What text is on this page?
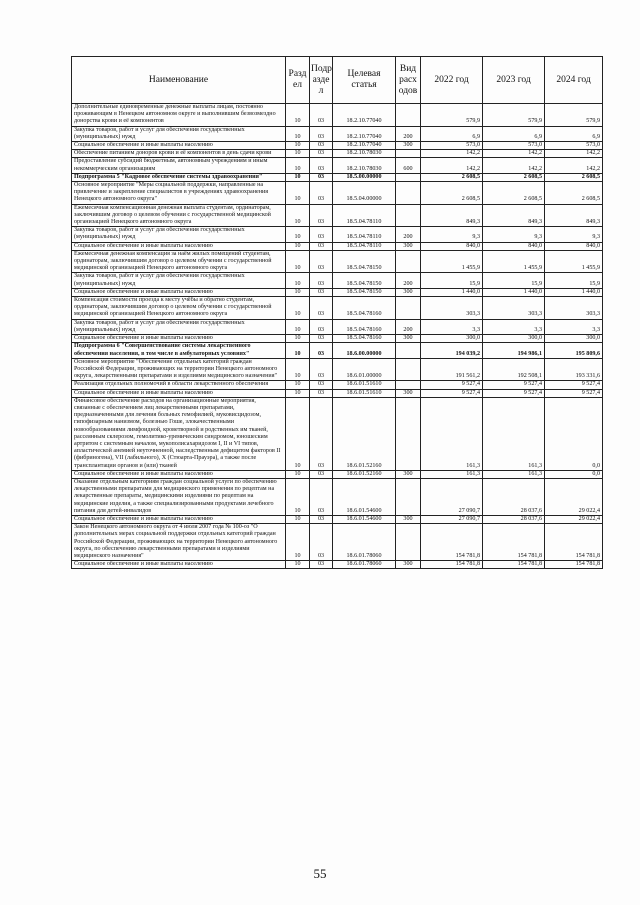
Наименование	Разд ел	Подр азде л	Целевая статья	Вид расх одов	2022 год	2023 год	2024 год
Дополнительные единовременные денежные выплаты лицам, постоянно проживающим в Ненецком автономном округе и выполнившим безвозмездно донорства крови и её компонентов	10	03	18.2.10.77040		579,9	579,9	579,9
Закупка товаров, работ и услуг для обеспечения государственных (муниципальных) нужд	10	03	18.2.10.77040	200	6,9	6,9	6,9
Социальное обеспечение и иные выплаты населению	10	03	18.2.10.77040	300	573,0	573,0	573,0
Обеспечение питанием доноров крови и её компонентов в день сдачи крови	10	03	18.2.10.78030		142,2	142,2	142,2
Предоставление субсидий бюджетным, автономным учреждениям и иным некоммерческим организациям	10	03	18.2.10.78030	600	142,2	142,2	142,2
Подпрограмма 5 "Кадровое обеспечение системы здравоохранения"	10	03	18.5.00.00000		2 608,5	2 608,5	2 608,5
Основное мероприятие "Меры социальной поддержки, направленные на привлечение и закрепление специалистов в учреждениях здравоохранения Ненецкого автономного округа"	10	03	18.5.04.00000		2 608,5	2 608,5	2 608,5
Ежемесячная компенсационная денежная выплата студентам, ординаторам, заключившим договор о целевом обучении с государственной медицинской организацией Ненецкого автономного округа	10	03	18.5.04.78110		849,3	849,3	849,3
Закупка товаров, работ и услуг для обеспечения государственных (муниципальных) нужд	10	03	18.5.04.78110	200	9,3	9,3	9,3
Социальное обеспечение и иные выплаты населению	10	03	18.5.04.78110	300	840,0	840,0	840,0
Ежемесячная денежная компенсация за наём жилых помещений студентам, ординаторам, заключившим договор о целевом обучении с государственной медицинской организацией Ненецкого автономного округа	10	03	18.5.04.78150		1 455,9	1 455,9	1 455,9
Закупка товаров, работ и услуг для обеспечения государственных (муниципальных) нужд	10	03	18.5.04.78150	200	15,9	15,9	15,9
Социальное обеспечение и иные выплаты населению	10	03	18.5.04.78150	300	1 440,0	1 440,0	1 440,0
Компенсация стоимости проезда к месту учёбы и обратно студентам, ординаторам, заключившим договор о целевом обучении с государственной медицинской организацией Ненецкого автономного округа	10	03	18.5.04.78160		303,3	303,3	303,3
Закупка товаров, работ и услуг для обеспечения государственных (муниципальных) нужд	10	03	18.5.04.78160	200	3,3	3,3	3,3
Социальное обеспечение и иные выплаты населению	10	03	18.5.04.78160	300	300,0	300,0	300,0
Подпрограмма 6 "Совершенствование системы лекарственного обеспечения населения, в том числе в амбулаторных условиях"	10	03	18.6.00.00000		194 039,2	194 986,1	195 809,6
Основное мероприятие "Обеспечение отдельных категорий граждан Российской Федерации, проживающих на территории Ненецкого автономного округа, лекарственными препаратами и изделиями медицинского назначения"	10	03	18.6.01.00000		191 561,2	192 508,1	193 331,6
Реализация отдельных полномочий в области лекарственного обеспечения	10	03	18.6.01.51610		9 527,4	9 527,4	9 527,4
Социальное обеспечение и иные выплаты населению	10	03	18.6.01.51610	300	9 527,4	9 527,4	9 527,4
Финансовое обеспечение расходов на организационные мероприятия, связанные с обеспечением лиц лекарственными препаратами, предназначенными для лечения больных гемофилией, муковисцидозом, гипофизарным нанизмом, болезнью Гоше, злокачественными новообразованиями лимфоидной, кроветворной и родственных им тканей, рассеянным склерозом, гемолитико-уремическим синдромом, юношеским артритом с системным началом, мукополисахаридозом I, II и VI типов, апластической анемией неуточненной, наследственным дефицитом факторов II (фибриногена), VII (лабильного), X (Стюарта-Прауэра), а также после трансплантации органов и (или) тканей	10	03	18.6.01.52160		161,3	161,3	0,0
Социальное обеспечение и иные выплаты населению	10	03	18.6.01.52160	300	161,3	161,3	0,0
Оказание отдельным категориям граждан социальной услуги по обеспечению лекарственными препаратами для медицинского применения по рецептам на лекарственные препараты, медицинскими изделиями по рецептам на медицинские изделия, а также специализированными продуктами лечебного питания для детей-инвалидов	10	03	18.6.01.54600		27 090,7	28 037,6	29 022,4
Социальное обеспечение и иные выплаты населению	10	03	18.6.01.54600	300	27 090,7	28 037,6	29 022,4
Закон Ненецкого автономного округа от 4 июля 2007 года № 100-оз "О дополнительных мерах социальной поддержки отдельных категорий граждан Российской Федерации, проживающих на территории Ненецкого автономного округа, по обеспечению лекарственными препаратами и изделиями медицинского назначения"	10	03	18.6.01.78060		154 781,8	154 781,8	154 781,8
Социальное обеспечение и иные выплаты населению	10	03	18.6.01.78060	300	154 781,8	154 781,8	154 781,8
55
